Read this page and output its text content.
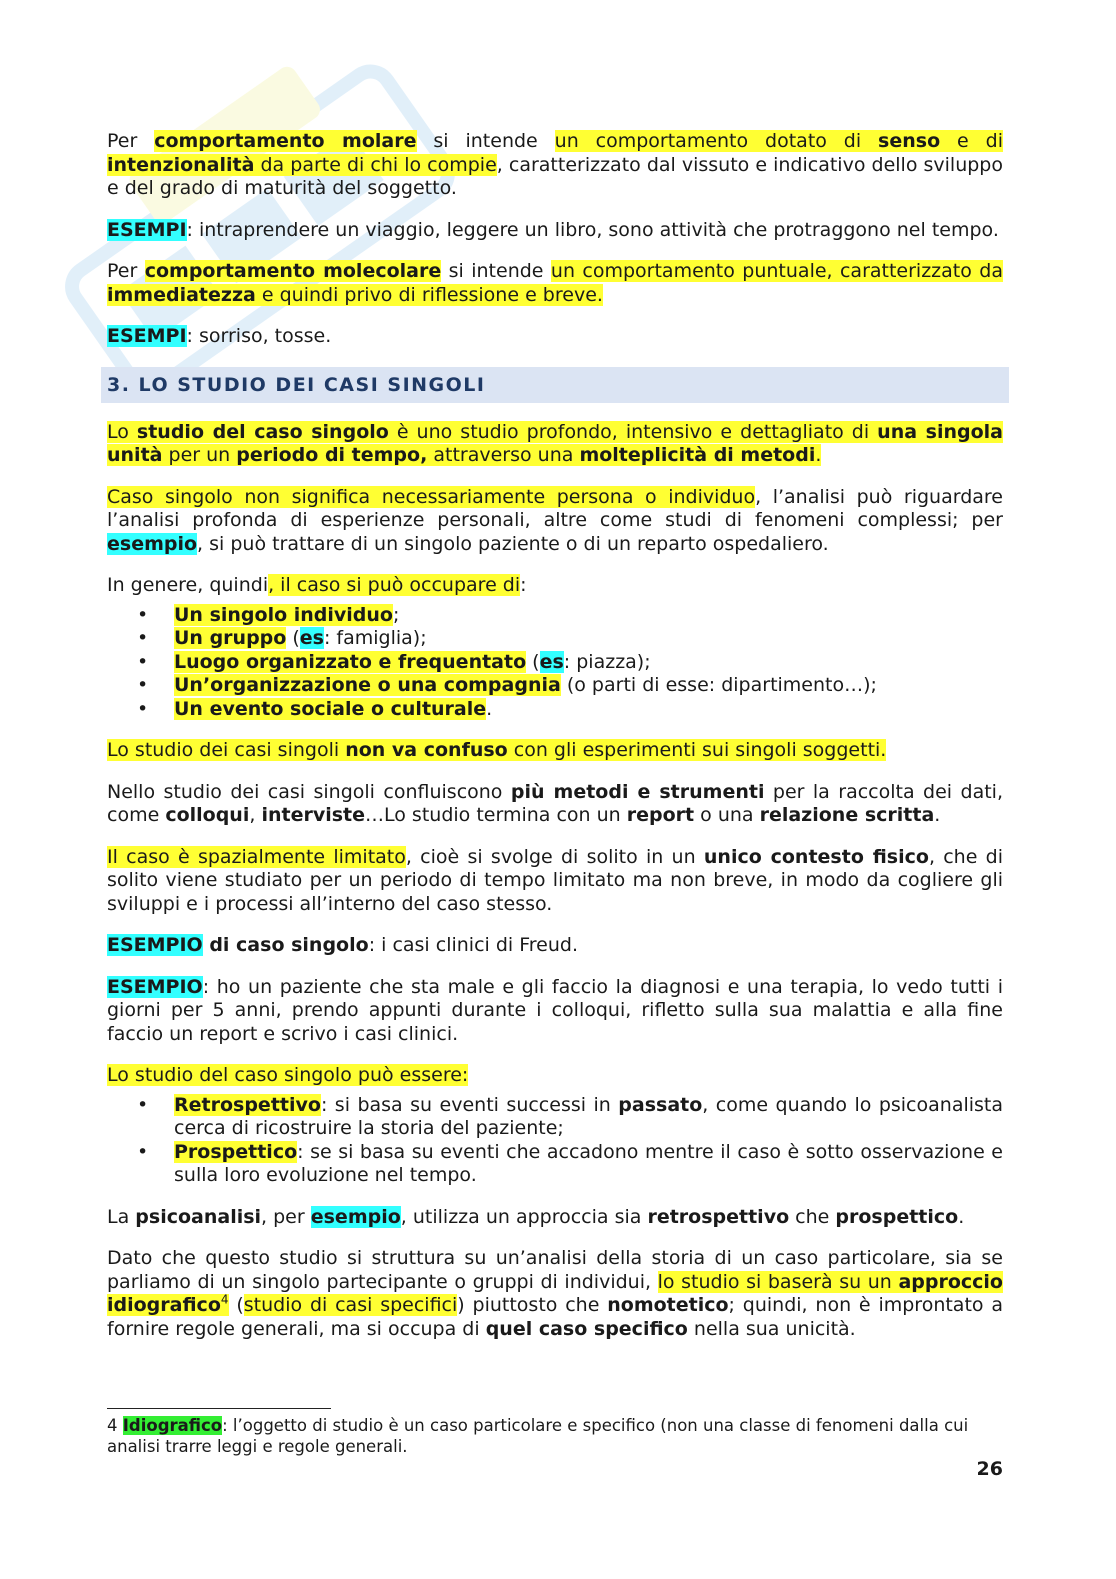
Per comportamento molare si intende un comportamento dotato di senso e di intenzionalità da parte di chi lo compie, caratterizzato dal vissuto e indicativo dello sviluppo e del grado di maturità del soggetto.

ESEMPI: intraprendere un viaggio, leggere un libro, sono attività che protraggono nel tempo.

Per comportamento molecolare si intende un comportamento puntuale, caratterizzato da immediatezza e quindi privo di riflessione e breve.

ESEMPI: sorriso, tosse.

3. LO STUDIO DEI CASI SINGOLI

Lo studio del caso singolo è uno studio profondo, intensivo e dettagliato di una singola unità per un periodo di tempo, attraverso una molteplicità di metodi.

Caso singolo non significa necessariamente persona o individuo, l’analisi può riguardare l’analisi profonda di esperienze personali, altre come studi di fenomeni complessi; per esempio, si può trattare di un singolo paziente o di un reparto ospedaliero.

In genere, quindi, il caso si può occupare di:

• Un singolo individuo;
• Un gruppo (es: famiglia);
• Luogo organizzato e frequentato (es: piazza);
• Un’organizzazione o una compagnia (o parti di esse: dipartimento…);
• Un evento sociale o culturale.

Lo studio dei casi singoli non va confuso con gli esperimenti sui singoli soggetti.

Nello studio dei casi singoli confluiscono più metodi e strumenti per la raccolta dei dati, come colloqui, interviste…Lo studio termina con un report o una relazione scritta.

Il caso è spazialmente limitato, cioè si svolge di solito in un unico contesto fisico, che di solito viene studiato per un periodo di tempo limitato ma non breve, in modo da cogliere gli sviluppi e i processi all’interno del caso stesso.

ESEMPIO di caso singolo: i casi clinici di Freud.

ESEMPIO: ho un paziente che sta male e gli faccio la diagnosi e una terapia, lo vedo tutti i giorni per 5 anni, prendo appunti durante i colloqui, rifletto sulla sua malattia e alla fine faccio un report e scrivo i casi clinici.

Lo studio del caso singolo può essere:

• Retrospettivo: si basa su eventi successi in passato, come quando lo psicoanalista cerca di ricostruire la storia del paziente;
• Prospettico: se si basa su eventi che accadono mentre il caso è sotto osservazione e sulla loro evoluzione nel tempo.

La psicoanalisi, per esempio, utilizza un approccia sia retrospettivo che prospettico.

Dato che questo studio si struttura su un’analisi della storia di un caso particolare, sia se parliamo di un singolo partecipante o gruppi di individui, lo studio si baserà su un approccio idiografico$^4$ (studio di casi specifici) piuttosto che nomotetico; quindi, non è improntato a fornire regole generali, ma si occupa di quel caso specifico nella sua unicità.

4 Idiografico: l’oggetto di studio è un caso particolare e specifico (non una classe di fenomeni dalla cui analisi trarre leggi e regole generali.
26
